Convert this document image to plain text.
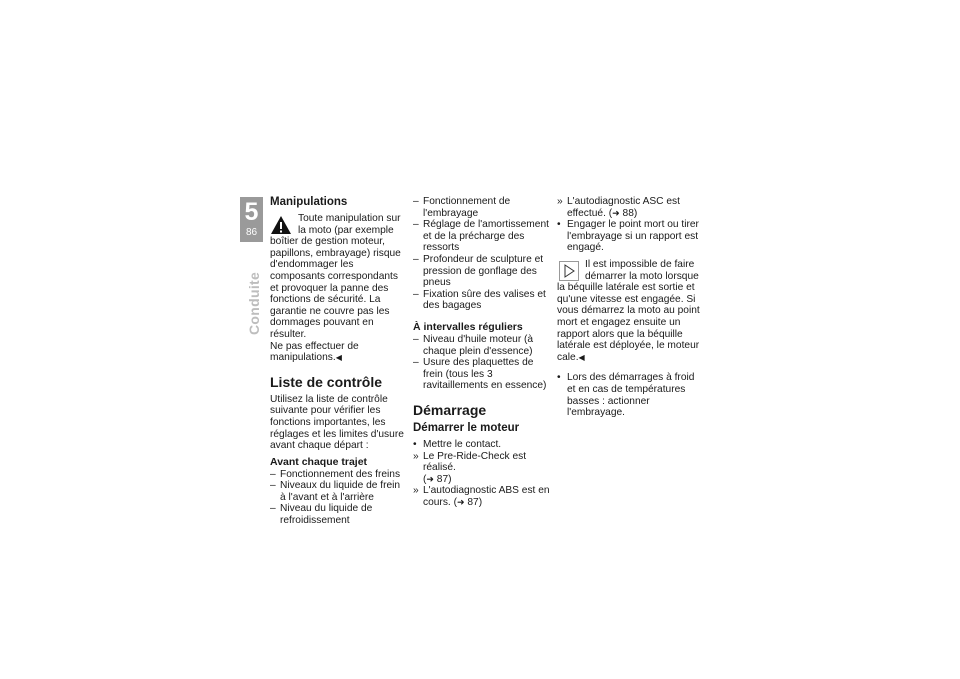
5
86
Conduite
Manipulations

Toute manipulation sur la moto (par exemple boîtier de gestion moteur, papillons, embrayage) risque d'endommager les composants correspondants et provoquer la panne des fonctions de sécurité. La garantie ne couvre pas les dommages pouvant en résulter.

Ne pas effectuer de manipulations.◀

Liste de contrôle

Utilisez la liste de contrôle suivante pour vérifier les fonctions importantes, les réglages et les limites d'usure avant chaque départ :

Avant chaque trajet
– Fonctionnement des freins
– Niveaux du liquide de frein à l'avant et à l'arrière
– Niveau du liquide de refroidissement
– Fonctionnement de l'embrayage
– Réglage de l'amortissement et de la précharge des ressorts
– Profondeur de sculpture et pression de gonflage des pneus
– Fixation sûre des valises et des bagages
À intervalles réguliers
– Niveau d'huile moteur (à chaque plein d'essence)
– Usure des plaquettes de frein (tous les 3 ravitaillements en essence)
Démarrage
Démarrer le moteur
• Mettre le contact.
» Le Pre-Ride-Check est réalisé.
(➜ 87)
» L'autodiagnostic ABS est en cours. (➜ 87)
» L'autodiagnostic ASC est effectué. (➜ 88)
• Engager le point mort ou tirer l'embrayage si un rapport est engagé.

Il est impossible de faire démarrer la moto lorsque la béquille latérale est sortie et qu'une vitesse est engagée. Si vous démarrez la moto au point mort et engagez ensuite un rapport alors que la béquille latérale est déployée, le moteur cale.◀

• Lors des démarrages à froid et en cas de températures basses : actionner l'embrayage.
